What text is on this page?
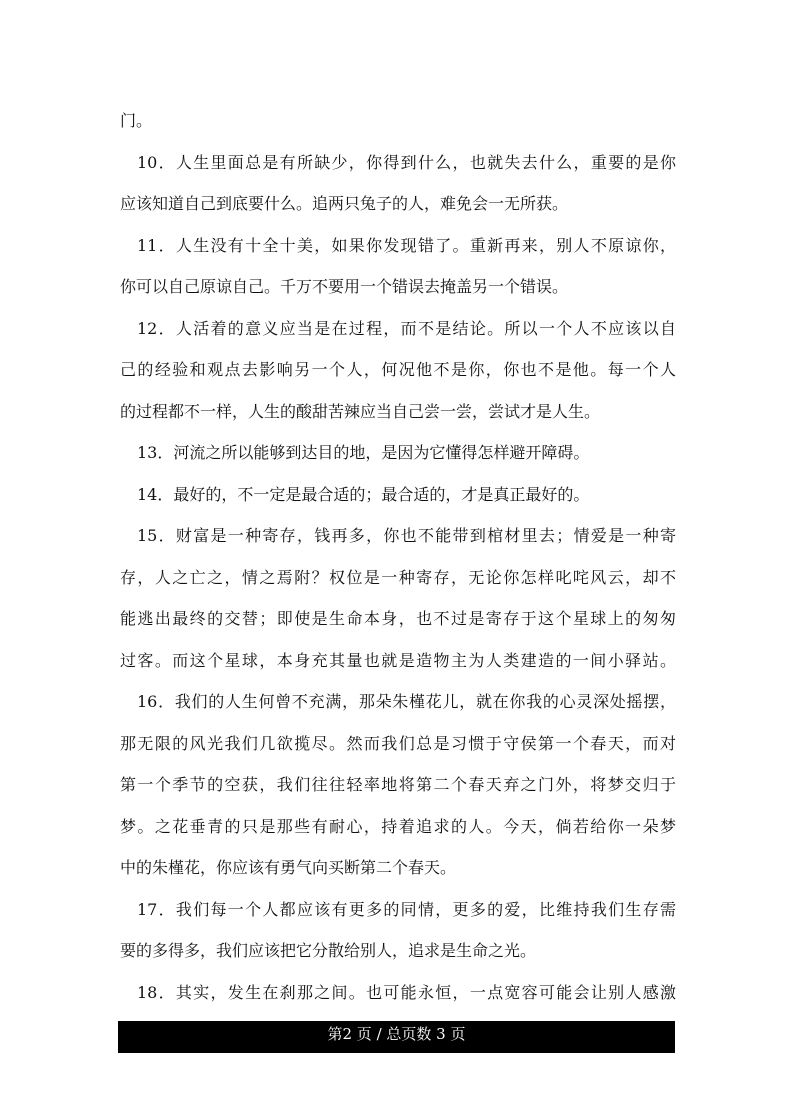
门。
10．人生里面总是有所缺少，你得到什么，也就失去什么，重要的是你
应该知道自己到底要什么。追两只兔子的人，难免会一无所获。
11．人生没有十全十美，如果你发现错了。重新再来，别人不原谅你，
你可以自己原谅自己。千万不要用一个错误去掩盖另一个错误。
12．人活着的意义应当是在过程，而不是结论。所以一个人不应该以自
己的经验和观点去影响另一个人，何况他不是你，你也不是他。每一个人
的过程都不一样，人生的酸甜苦辣应当自己尝一尝，尝试才是人生。
13．河流之所以能够到达目的地，是因为它懂得怎样避开障碍。
14．最好的，不一定是最合适的；最合适的，才是真正最好的。
15．财富是一种寄存，钱再多，你也不能带到棺材里去；情爱是一种寄
存，人之亡之，情之焉附？权位是一种寄存，无论你怎样叱咤风云，却不
能逃出最终的交替；即使是生命本身，也不过是寄存于这个星球上的匆匆
过客。而这个星球，本身充其量也就是造物主为人类建造的一间小驿站。
16．我们的人生何曾不充满，那朵朱槿花儿，就在你我的心灵深处摇摆，
那无限的风光我们几欲揽尽。然而我们总是习惯于守侯第一个春天，而对
第一个季节的空获，我们往往轻率地将第二个春天弃之门外，将梦交归于
梦。之花垂青的只是那些有耐心，持着追求的人。今天，倘若给你一朵梦
中的朱槿花，你应该有勇气向买断第二个春天。
17．我们每一个人都应该有更多的同情，更多的爱，比维持我们生存需
要的多得多，我们应该把它分散给别人，追求是生命之光。
18．其实，发生在刹那之间。也可能永恒，一点宽容可能会让别人感激
第2 页 / 总页数 3 页
